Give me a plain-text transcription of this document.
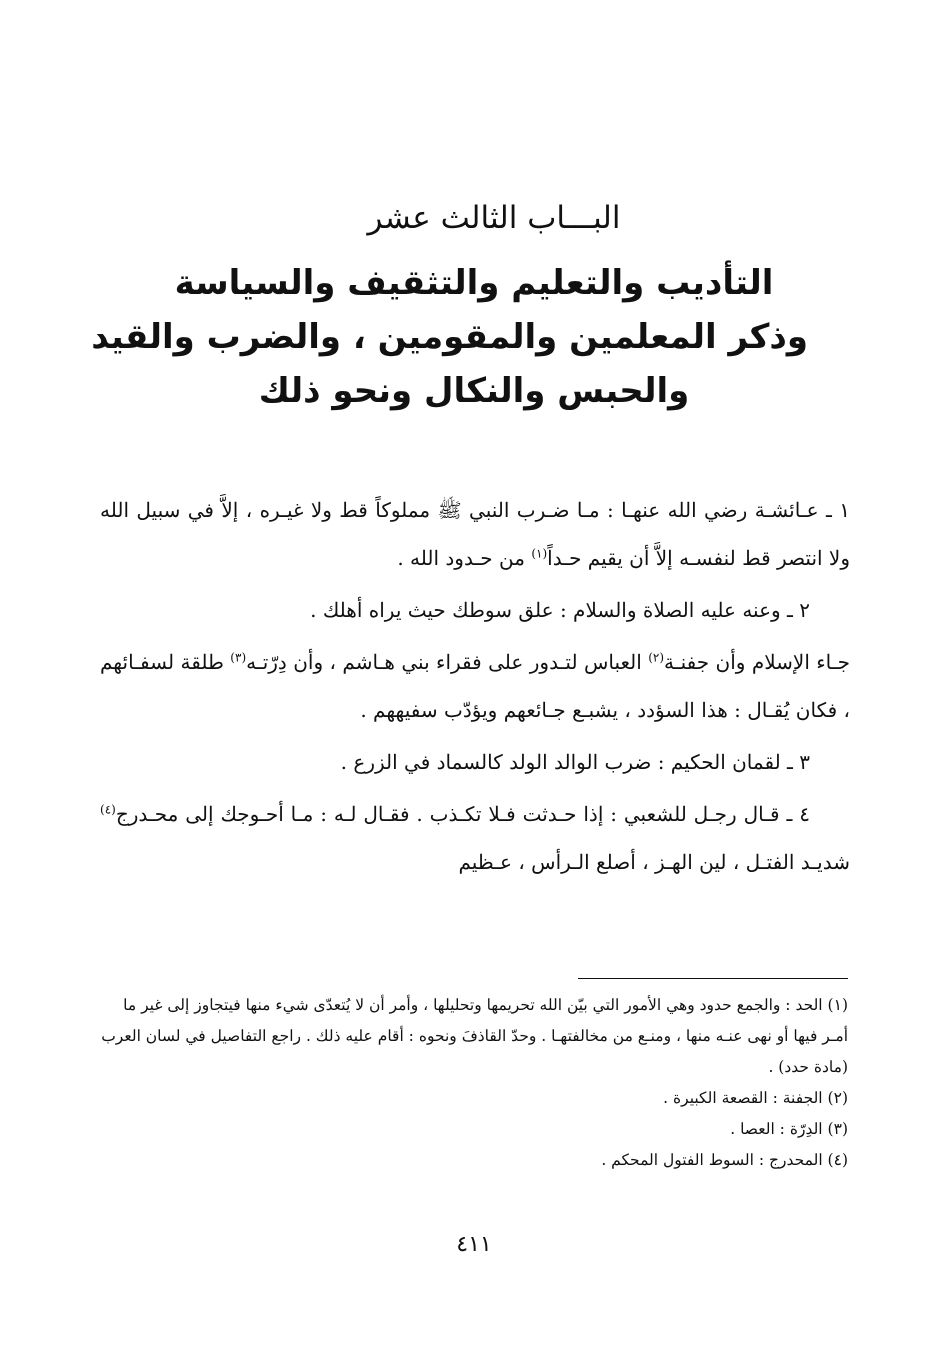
البـــاب الثالث عشر
التأديب والتعليم والتثقيف والسياسة
وذكر المعلمين والمقومين ، والضرب والقيد
والحبس والنكال ونحو ذلك

١ ـ عـائشـة رضي الله عنهـا : مـا ضـرب النبي ﷺ مملوكاً قط ولا غيـره ، إلاَّ في سبيل الله ولا انتصر قط لنفسـه إلاَّ أن يقيم حـداً$^{(١)}$ من حـدود الله .

٢ ـ وعنه عليه الصلاة والسلام : علق سوطك حيث يراه أهلك .

جـاء الإسلام وأن جفنـة$^{(٢)}$ العباس لتـدور على فقراء بني هـاشم ، وأن دِرّتـه$^{(٣)}$ طلقة لسفـائهم ، فكان يُقـال : هذا السؤدد ، يشبـع جـائعهم ويؤدّب سفيههم .

٣ ـ لقمان الحكيم : ضرب الوالد الولد كالسماد في الزرع .

٤ ـ قـال رجـل للشعبي : إذا حـدثت فـلا تكـذب . فقـال لـه : مـا أحـوجك إلى محـدرج$^{(٤)}$ شديـد الفتـل ، لين الهـز ، أصلع الـرأس ، عـظيم

(١) الحد : والجمع حدود وهي الأمور التي بيّن الله تحريمها وتحليلها ، وأمر أن لا يُتعدّى شيء منها فيتجاوز إلى غير ما أمـر فيها أو نهى عنـه منها ، ومنـع من مخالفتهـا . وحدّ القاذفَ ونحوه : أقام عليه ذلك . راجع التفاصيل في لسان العرب (مادة حدد) .

(٢) الجفنة : القصعة الكبيرة .

(٣) الدِرّة : العصا .

(٤) المحدرج : السوط الفتول المحكم .

٤١١
